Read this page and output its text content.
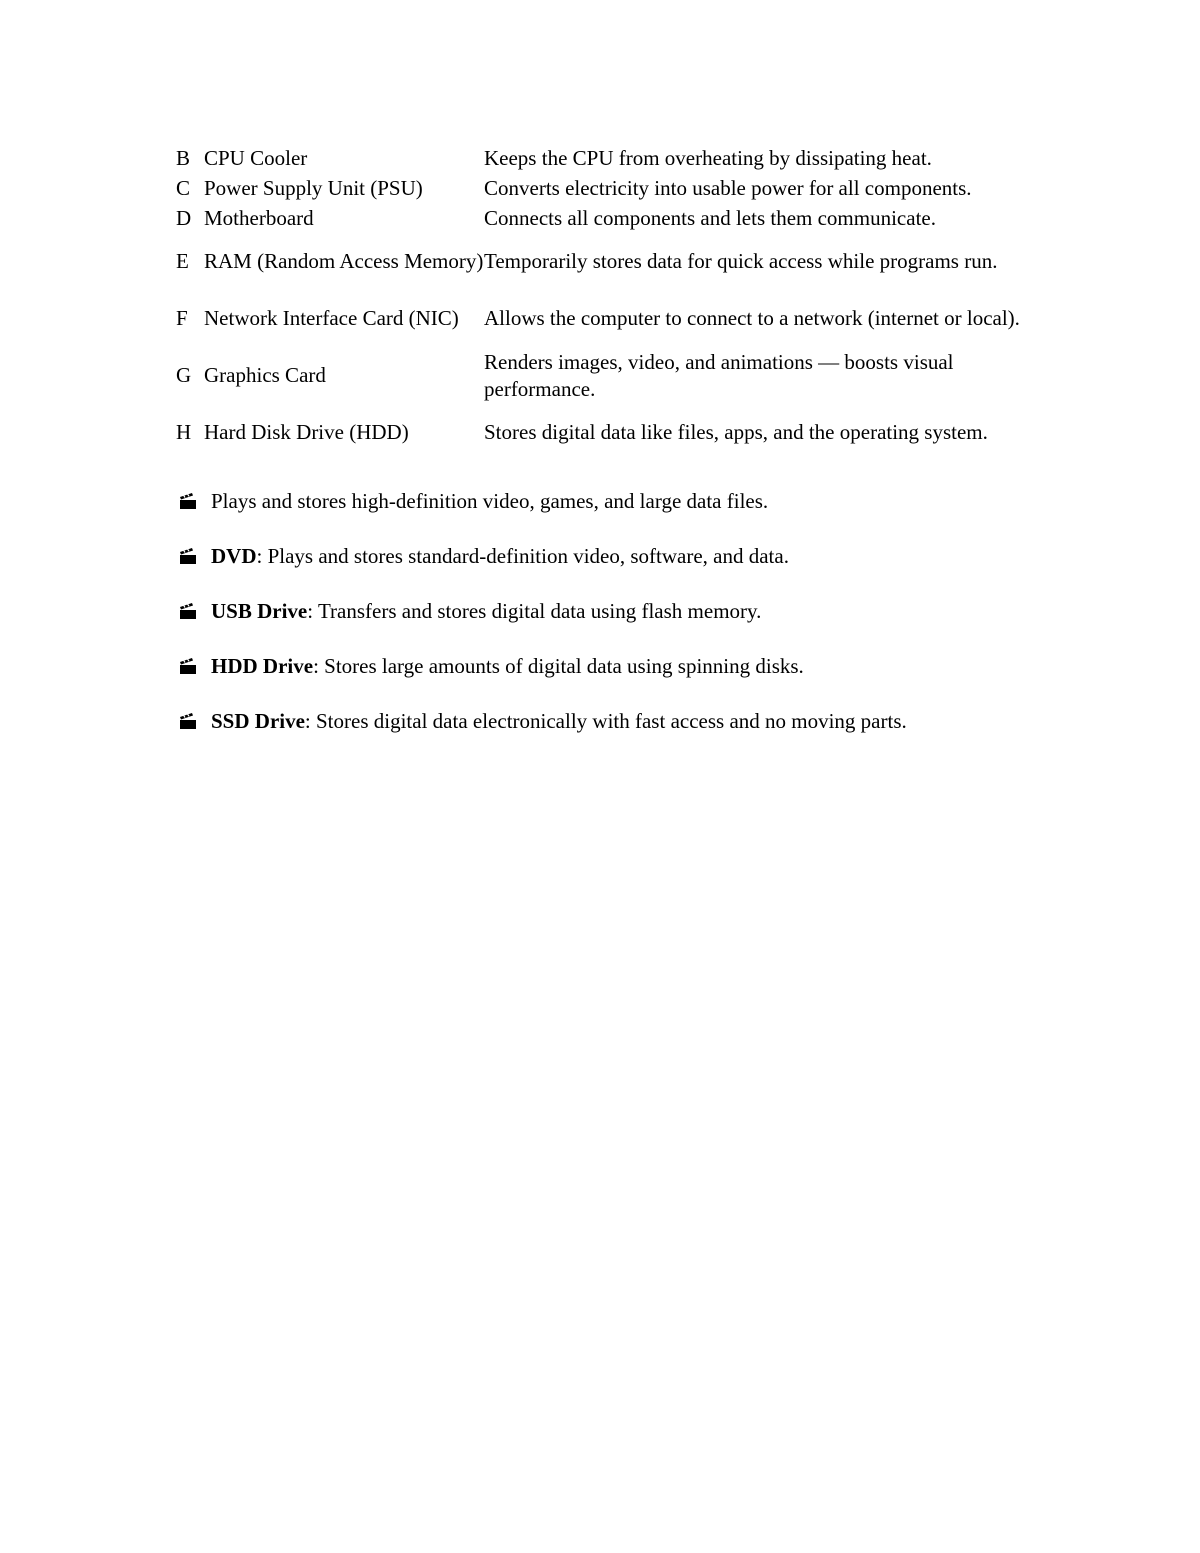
B	CPU Cooler	Keeps the CPU from overheating by dissipating heat.
C	Power Supply Unit (PSU)	Converts electricity into usable power for all components.
D	Motherboard	Connects all components and lets them communicate.
E	RAM (Random Access Memory)	Temporarily stores data for quick access while programs run.
F	Network Interface Card (NIC)	Allows the computer to connect to a network (internet or local).
G	Graphics Card	Renders images, video, and animations — boosts visual performance.
H	Hard Disk Drive (HDD)	Stores digital data like files, apps, and the operating system.
Plays and stores high-definition video, games, and large data files.
DVD: Plays and stores standard-definition video, software, and data.
USB Drive: Transfers and stores digital data using flash memory.
HDD Drive: Stores large amounts of digital data using spinning disks.
SSD Drive: Stores digital data electronically with fast access and no moving parts.
